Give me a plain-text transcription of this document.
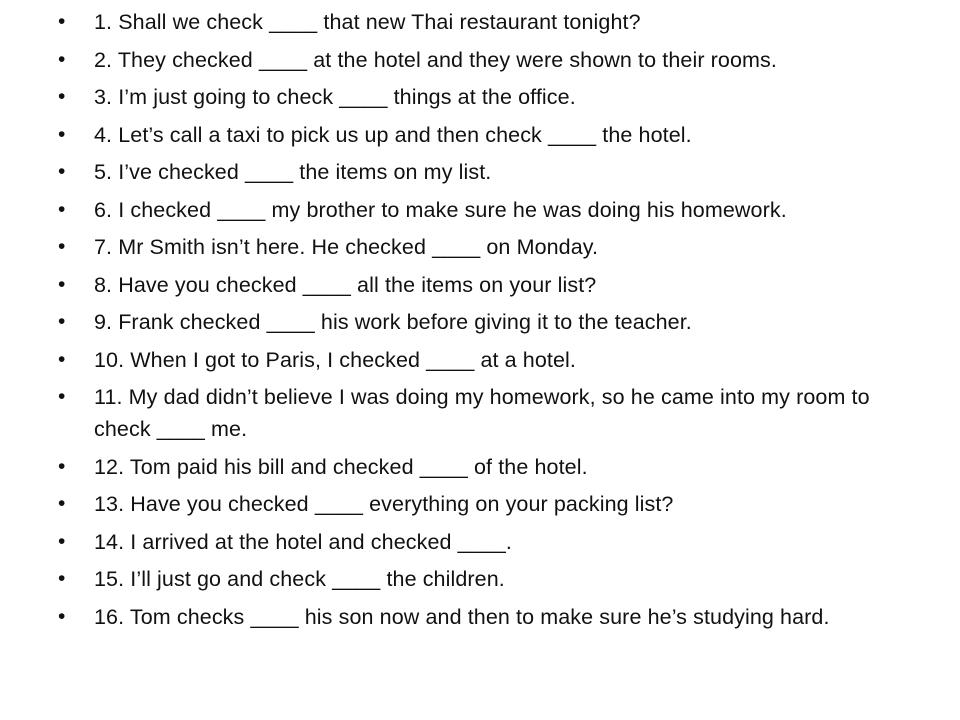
•	1. Shall we check ____ that new Thai restaurant tonight?
•	2. They checked ____ at the hotel and they were shown to their rooms.
•	3. I’m just going to check ____ things at the office.
•	4. Let’s call a taxi to pick us up and then check ____ the hotel.
•	5. I’ve checked ____ the items on my list.
•	6. I checked ____ my brother to make sure he was doing his homework.
•	7. Mr Smith isn’t here. He checked ____ on Monday.
•	8. Have you checked ____ all the items on your list?
•	9. Frank checked ____ his work before giving it to the teacher.
•	10. When I got to Paris, I checked ____ at a hotel.
•	11. My dad didn’t believe I was doing my homework, so he came into my room to check ____ me.
•	12. Tom paid his bill and checked ____ of the hotel.
•	13. Have you checked ____ everything on your packing list?
•	14. I arrived at the hotel and checked ____.
•	15. I’ll just go and check ____ the children.
•	16. Tom checks ____ his son now and then to make sure he’s studying hard.
